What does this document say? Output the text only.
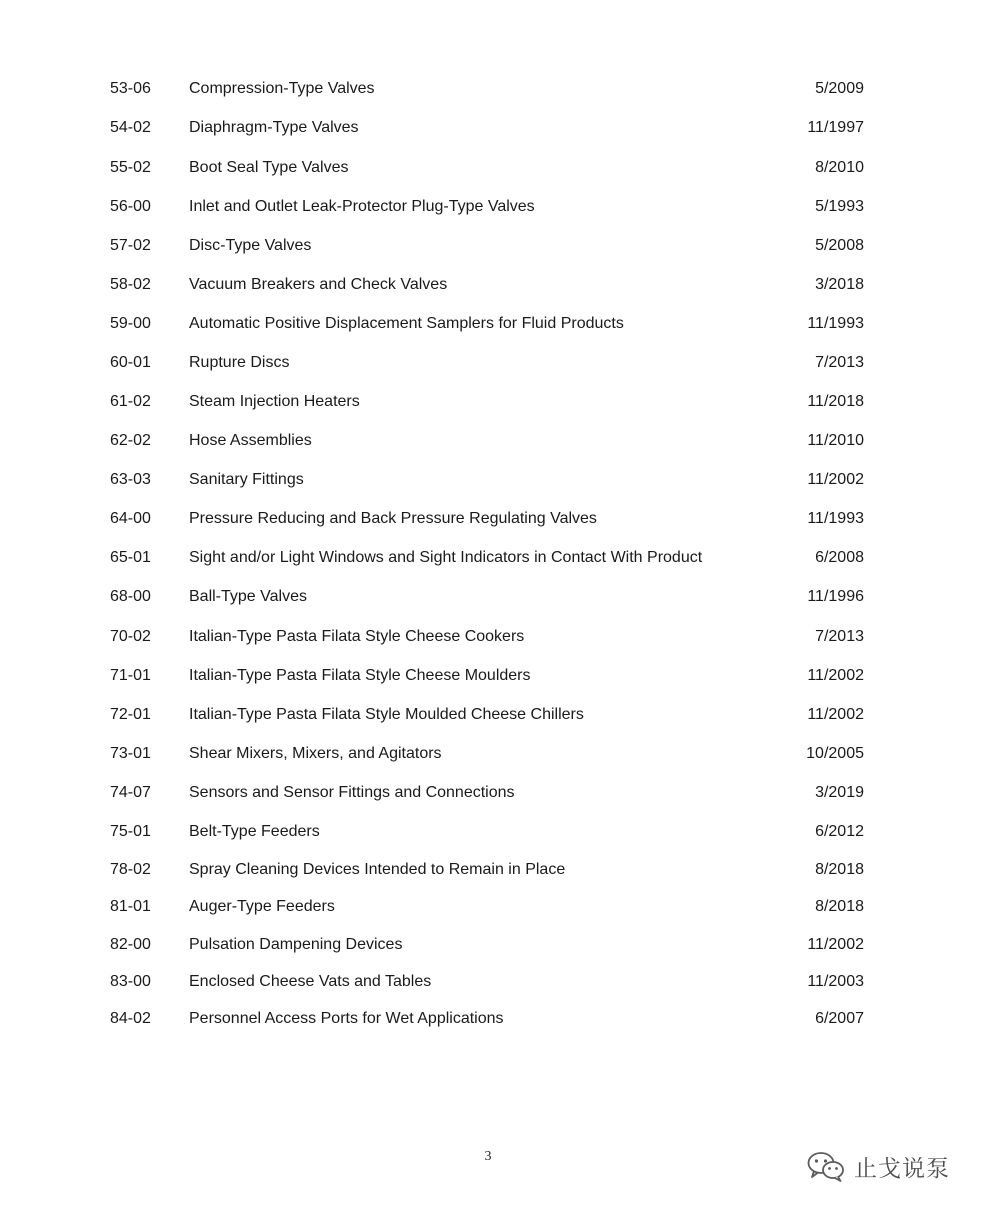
53-06 Compression-Type Valves	5/2009
54-02 Diaphragm-Type Valves	11/1997
55-02 Boot Seal Type Valves	8/2010
56-00 Inlet and Outlet Leak-Protector Plug-Type Valves	5/1993
57-02 Disc-Type Valves	5/2008
58-02 Vacuum Breakers and Check Valves	3/2018
59-00 Automatic Positive Displacement Samplers for Fluid Products	11/1993
60-01 Rupture Discs	7/2013
61-02 Steam Injection Heaters	11/2018
62-02 Hose Assemblies	11/2010
63-03 Sanitary Fittings	11/2002
64-00 Pressure Reducing and Back Pressure Regulating Valves	11/1993
65-01 Sight and/or Light Windows and Sight Indicators in Contact With Product	6/2008
68-00 Ball-Type Valves	11/1996
70-02 Italian-Type Pasta Filata Style Cheese Cookers	7/2013
71-01 Italian-Type Pasta Filata Style Cheese Moulders	11/2002
72-01 Italian-Type Pasta Filata Style Moulded Cheese Chillers	11/2002
73-01 Shear Mixers, Mixers, and Agitators	10/2005
74-07 Sensors and Sensor Fittings and Connections	3/2019
75-01 Belt-Type Feeders	6/2012
78-02 Spray Cleaning Devices Intended to Remain in Place	8/2018
81-01 Auger-Type Feeders	8/2018
82-00 Pulsation Dampening Devices	11/2002
83-00 Enclosed Cheese Vats and Tables	11/2003
84-02 Personnel Access Ports for Wet Applications	6/2007
3	止戈说泵
